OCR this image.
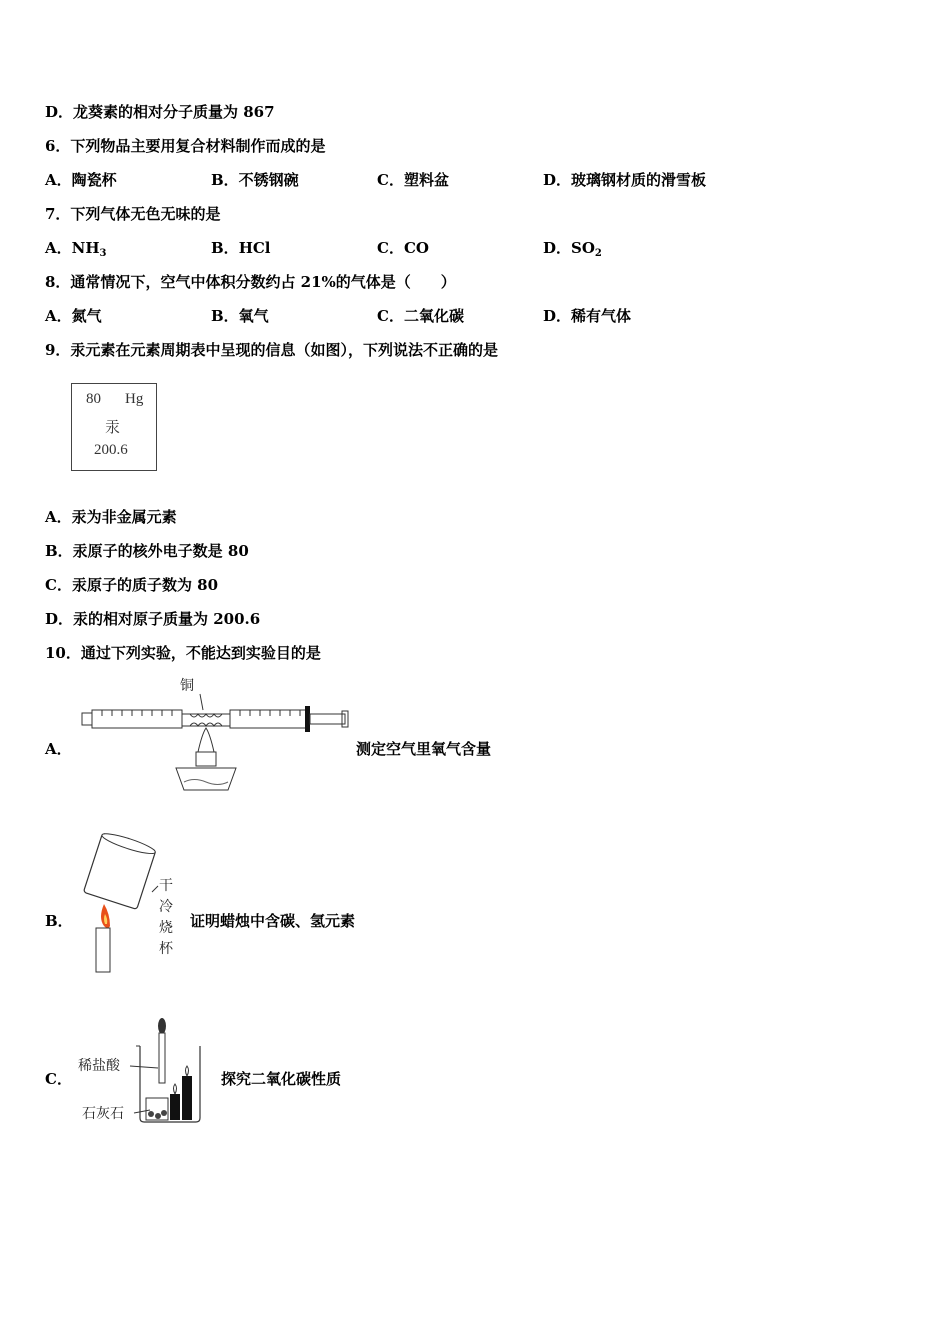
D．龙葵素的相对分子质量为 867
6．下列物品主要用复合材料制作而成的是
A．陶瓷杯	B．不锈钢碗	C．塑料盆	D．玻璃钢材质的滑雪板
7．下列气体无色无味的是
A．$NH_3$	B．HCl	C．CO	D．$SO_2$
8．通常情况下，空气中体积分数约占 21%的气体是（　　）
A．氮气	B．氧气	C．二氧化碳	D．稀有气体
9．汞元素在元素周期表中呈现的信息（如图），下列说法不正确的是
80 Hg
汞
200.6
A．汞为非金属元素
B．汞原子的核外电子数是 80
C．汞原子的质子数为 80
D．汞的相对原子质量为 200.6
10．通过下列实验，不能达到实验目的是
A．
铜
测定空气里氧气含量
B．
干
冷
烧
杯
证明蜡烛中含碳、氢元素
C．
稀盐酸
石灰石
探究二氧化碳性质
